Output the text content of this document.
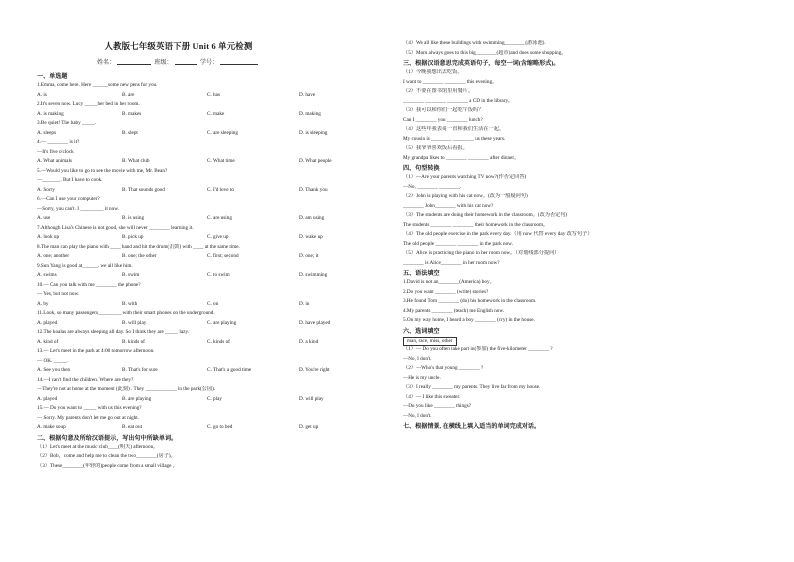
人教版七年级英语下册 Unit 6 单元检测
姓名：	班级：	学号：
一、单选题
1.Emma, come here. Here ______some new pens for you.
A. is	B. are	C. has	D. have
2.It's seven now. Lucy _____her bed in her room.
A. is making	B. makes	C. make	D. making
3.Be quiet! The baby _____.
A. sleeps	B. slept	C. are sleeping	D. is sleeping
4.— ________ is it?
—It's five o'clock
A. What animals	B. What club	C. What time	D. What people
5.—Would you like to go to see the movie with me, Mr. Bean?
—_______. But I have to cook.
A. Sorry	B. That sounds good	C. I'd love to	D. Thank you
6.—Can I use your computer?
—Sorry, you can't. I _________ it now.
A. use	B. is using	C. are using	D. am using
7.Although Lisa's Chinese is not good, she will never ________ learning it.
A. look up	B. pick up	C. give up	D. wake up
8.The man can play the piano with ____ hand and hit the drum(击鼓) with ____ at the same time.
A. one; another	B. one; the other	C. first; second	D. one; it
9.Sun Yang is good at______. we all like him.
A. swims	B. swim	C. to swim	D. swimming
10.— Can you talk with me ________ the phone?
— Yes, but not now.
A. by	B. with	C. on	D. in
11.Look, so many passengers_________ with their smart phones on the underground.
A. played	B. will play	C. are playing	D. have played
12.The koalas are always sleeping all day. So I think they are _____ lazy.
A. kind of	B. kinds of	C. kinds of	D. a kind
13.— Let's meet in the park at 4:00 tomorrow afternoon.
— OK. _____.
A. See you then	B. That's for sure	C. That's a good time	D. You're right
14.—I can't find the children. Where are they?
—They're not at home at the moment (此刻) . They ____________ in the park(公园).
A. played	B. are playing	C. play	D. will play
15.— Do you want to _____ with us this evening?
— Sorry. My parents don't let me go out at night.
A. make soup	B. eat out	C. go to bed	D. get up
二、根据句意及所给汉语提示，写出句中所缺单词。
（1）Let's meet at the music club____(明天) afternoon。
（2）Bob，come and help me to clean the two________(房子)。
（3）These________(年轻的)people come from a small village 。
（4）We all like these buildings with swimming________(游泳池).
（5）Mom always goes to this big________(超市)and does some shopping。
三、根据汉语意思完成英语句子，每空一词(含缩略形式)。
（1）今晚我想出去吃饭。
I want to ________ ________ this evening。
（2）不要在图书馆里用餐片。
________ ________ ________ a CD in the library。
（3）我可以和你们一起吃午饭吗？
Can I ________ you ________ lunch?
（4）这些年我表哥一直和我们生活在一起。
My cousin is ________ ________ us these years.
（5）我爷爷喜欢饭后看报。
My grandpa likes to ________ ________ after dinner。
四、句型转换
（1）—Are your parents watching TV now?(作否定回答)
—No, ________ ________.
（2）John is playing with his cat now。(改为一般疑问句)
________ John________ with his cat now?
（3）The students are doing their homework in the classroom。(改为否定句)
The students ________ ________ their homework in the classroom。
（4）The old people exercise in the park every day.（用 now 代替 every day 改写句子）
The old people ________ ________ in the park now.
（5）Alice is practicing the piano in her room now。（对划线部分提问）
________ is Alice________ in her room now?
五、语法填空
1.David is not an________(America) boy。
2.Do you want ________ (write) stories?
3.He found Tom ________ (do) his homework in the classroom.
4.My parents ________ (teach) me English now.
5.On my way home, I heard a boy ________ (cry) in the house.
六、选词填空
man, race, miss, other
（1）— Do you often take part in(参加) the five-kilometer ________ ?
—No, I don't.
（2）—Who's that young ________ ?
—He is my uncle.
（3）I really ________ my parents. They live far from my house.
（4）— I like this sweater.
—Do you like ________ things?
—No, I don't.
七、根据情景, 在横线上填入适当的单词完成对话。
